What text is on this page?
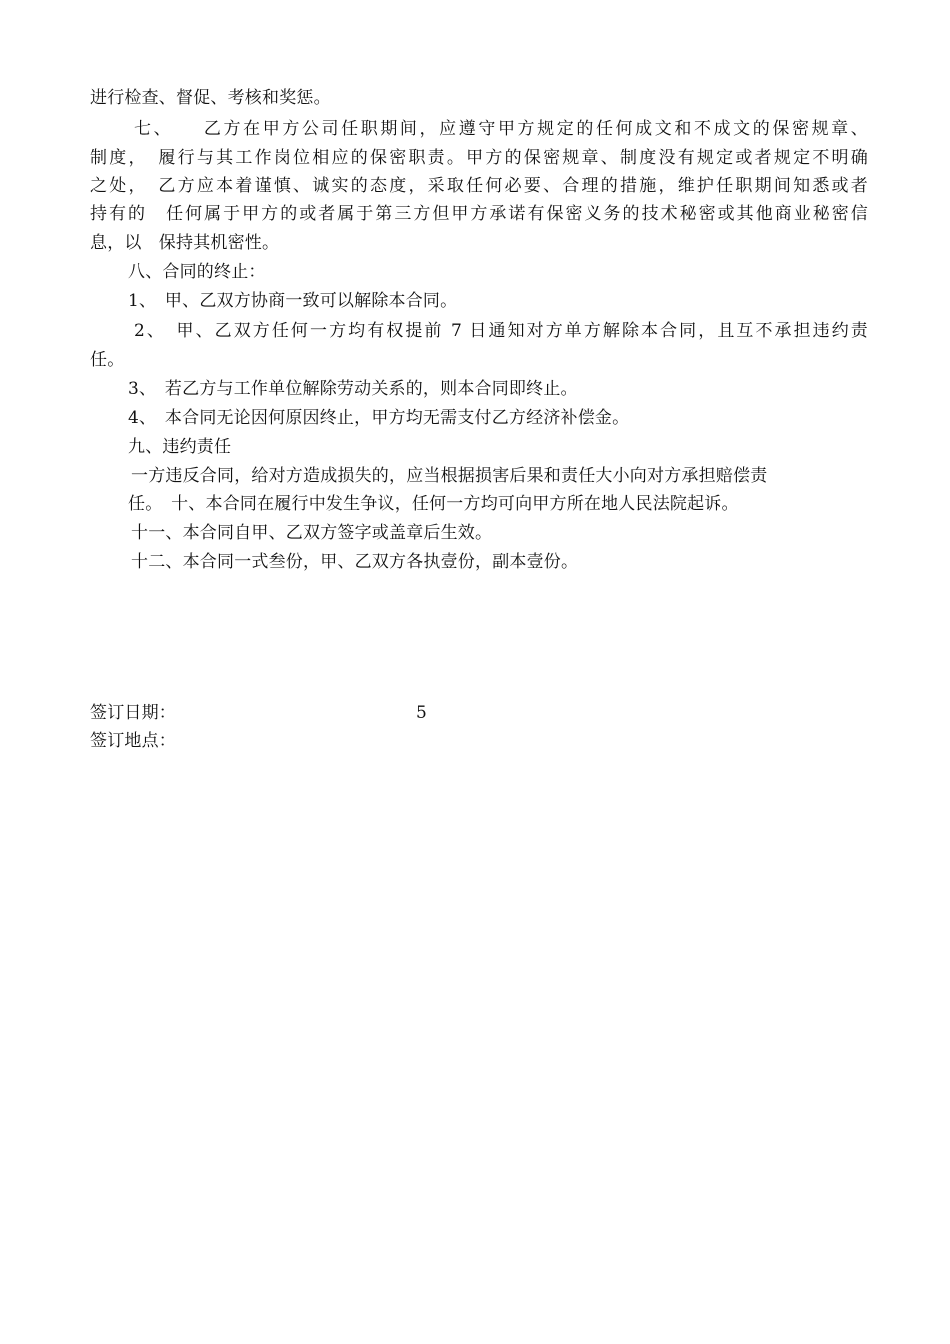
进行检查、督促、考核和奖惩。
七、　　乙方在甲方公司任职期间，应遵守甲方规定的任何成文和不成文的保密规章、
制度，　履行与其工作岗位相应的保密职责。甲方的保密规章、制度没有规定或者规定不明确
之处，　乙方应本着谨慎、诚实的态度，采取任何必要、合理的措施，维护任职期间知悉或者
持有的　任何属于甲方的或者属于第三方但甲方承诺有保密义务的技术秘密或其他商业秘密信
息，以　保持其机密性。
八、合同的终止：
1、　甲、乙双方协商一致可以解除本合同。
2、　甲、乙双方任何一方均有权提前 7 日通知对方单方解除本合同，且互不承担违约责
任。
3、　若乙方与工作单位解除劳动关系的，则本合同即终止。
4、　本合同无论因何原因终止，甲方均无需支付乙方经济补偿金。
九、违约责任
一方违反合同，给对方造成损失的，应当根据损害后果和责任大小向对方承担赔偿责
任。　十、本合同在履行中发生争议，任何一方均可向甲方所在地人民法院起诉。
十一、本合同自甲、乙双方签字或盖章后生效。
十二、本合同一式叁份，甲、乙双方各执壹份，副本壹份。
签订日期：	5
签订地点：
